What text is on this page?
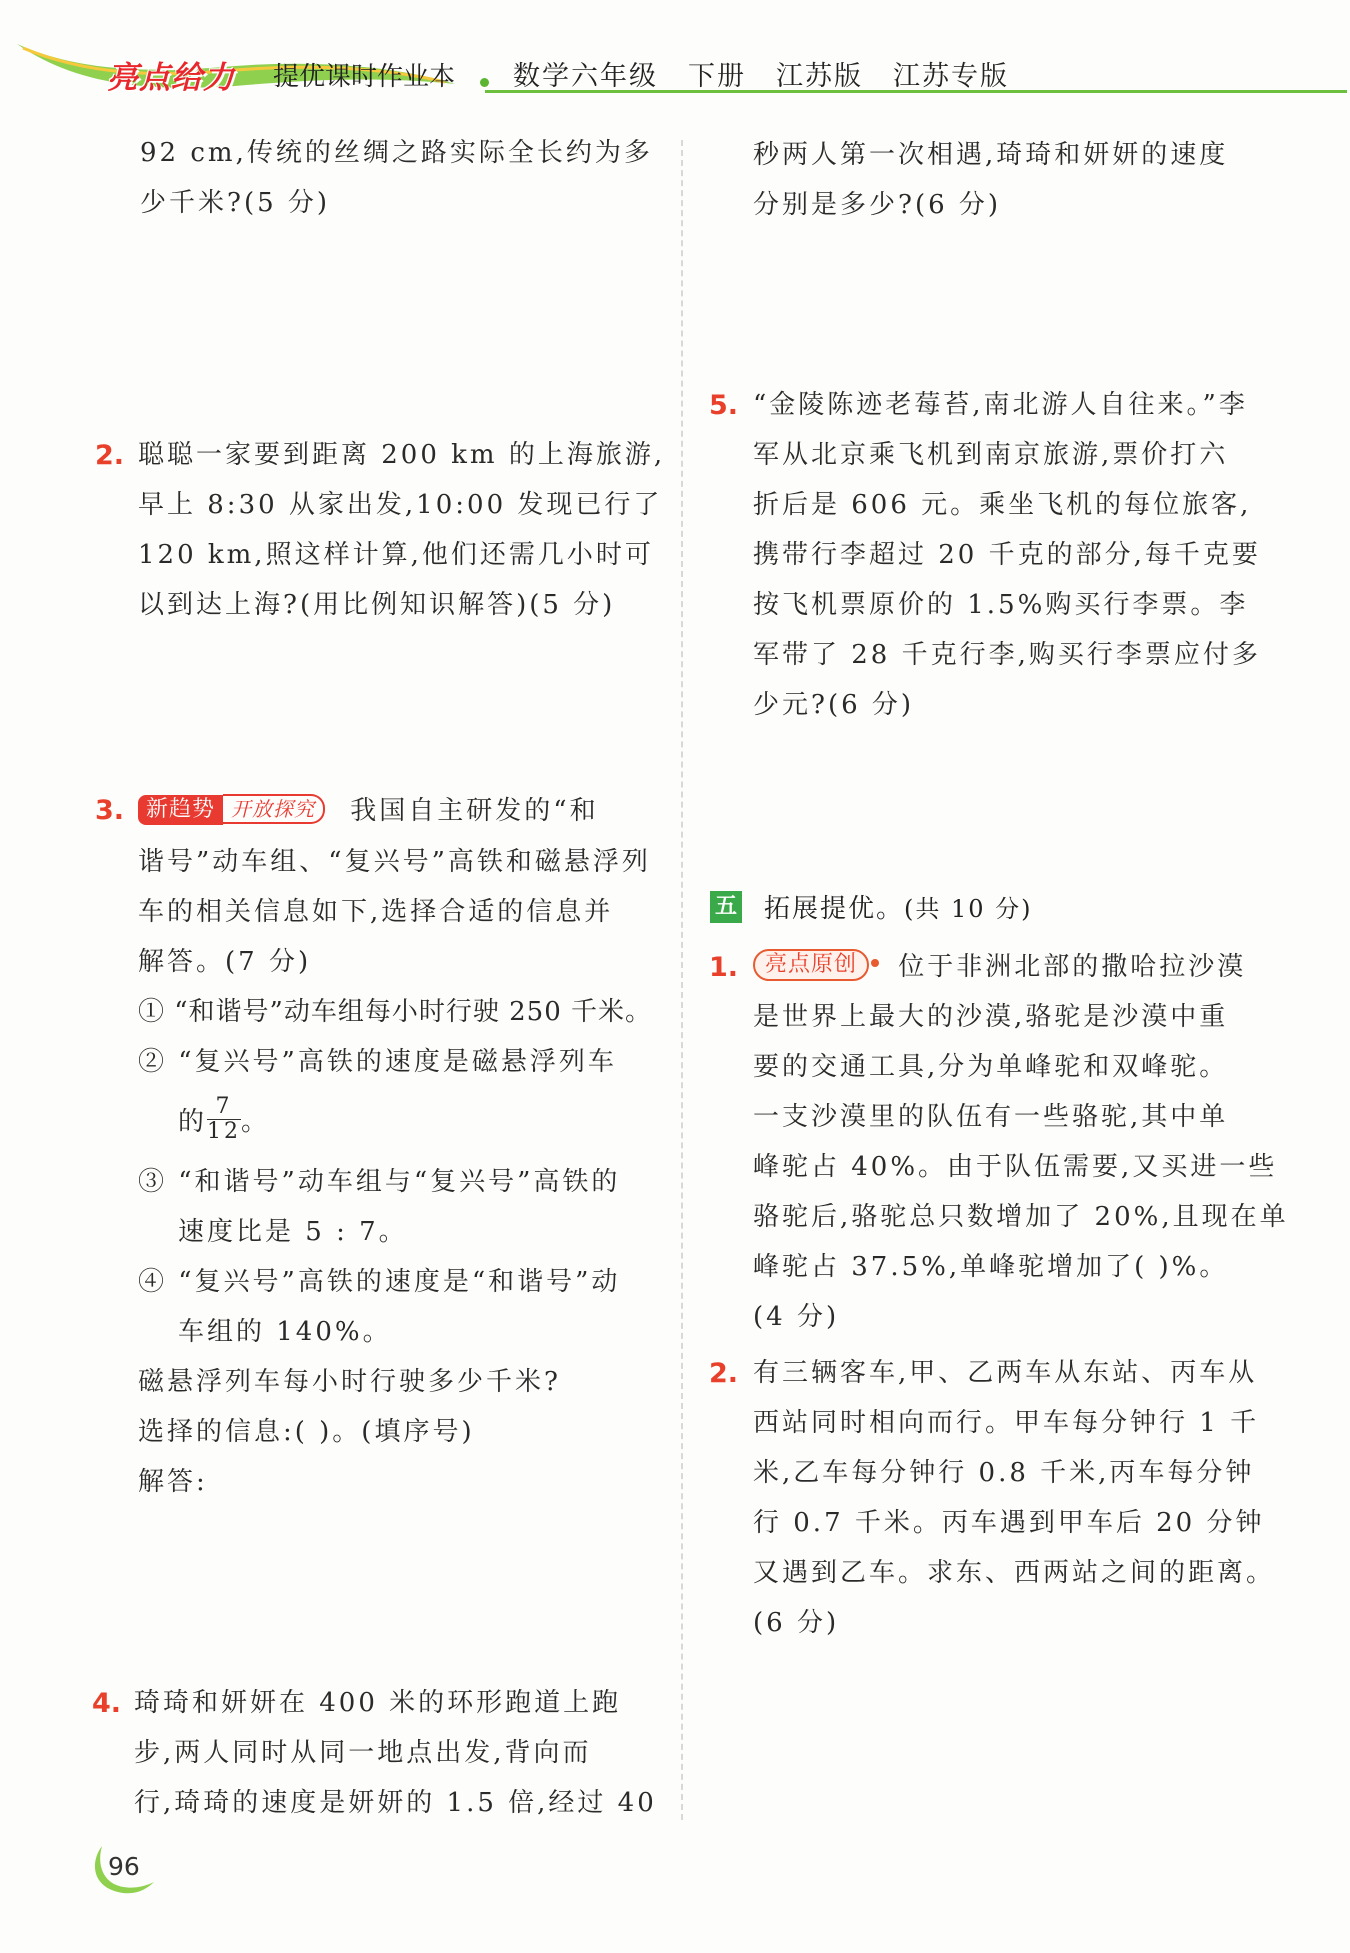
亮点给力 提优课时作业本 数学六年级 下册 江苏版 江苏专版
92 cm,传统的丝绸之路实际全长约为多
少千米?(5 分)
2. 聪聪一家要到距离 200 km 的上海旅游,
早上 8:30 从家出发,10:00 发现已行了
120 km,照这样计算,他们还需几小时可
以到达上海?(用比例知识解答)(5 分)
3. 新趋势 开放探究 我国自主研发的“和
谐号”动车组、“复兴号”高铁和磁悬浮列
车的相关信息如下,选择合适的信息并
解答。(7 分)
① “和谐号”动车组每小时行驶 250 千米。
② “复兴号”高铁的速度是磁悬浮列车
的 $\frac{7}{12}$ 。
③ “和谐号”动车组与“复兴号”高铁的
速度比是 5 : 7。
④ “复兴号”高铁的速度是“和谐号”动
车组的 140%。
磁悬浮列车每小时行驶多少千米?
选择的信息:( )。(填序号)
解答:
4. 琦琦和妍妍在 400 米的环形跑道上跑
步,两人同时从同一地点出发,背向而
行,琦琦的速度是妍妍的 1.5 倍,经过 40
秒两人第一次相遇,琦琦和妍妍的速度
分别是多少?(6 分)
5. “金陵陈迹老莓苔,南北游人自往来。”李
军从北京乘飞机到南京旅游,票价打六
折后是 606 元。乘坐飞机的每位旅客,
携带行李超过 20 千克的部分,每千克要
按飞机票原价的 1.5%购买行李票。李
军带了 28 千克行李,购买行李票应付多
少元?(6 分)
五 拓展提优。(共 10 分)
1.	亮点原创 位于非洲北部的撒哈拉沙漠
是世界上最大的沙漠,骆驼是沙漠中重
要的交通工具,分为单峰驼和双峰驼。
一支沙漠里的队伍有一些骆驼,其中单
峰驼占 40%。由于队伍需要,又买进一些
骆驼后,骆驼总只数增加了 20%,且现在单
峰驼占 37.5%,单峰驼增加了( )%。
(4 分)
2. 有三辆客车,甲、乙两车从东站、丙车从
西站同时相向而行。甲车每分钟行 1 千
米,乙车每分钟行 0.8 千米,丙车每分钟
行 0.7 千米。丙车遇到甲车后 20 分钟
又遇到乙车。求东、西两站之间的距离。
(6 分)
96
